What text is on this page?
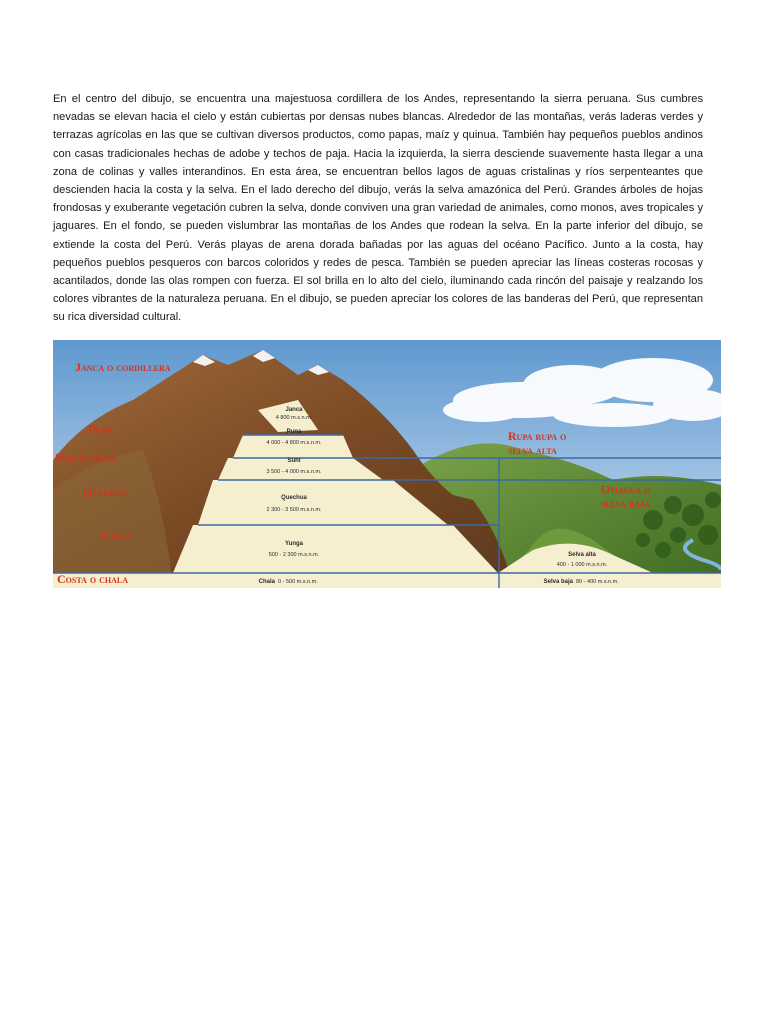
En el centro del dibujo, se encuentra una majestuosa cordillera de los Andes, representando la sierra peruana. Sus cumbres nevadas se elevan hacia el cielo y están cubiertas por densas nubes blancas. Alrededor de las montañas, verás laderas verdes y terrazas agrícolas en las que se cultivan diversos productos, como papas, maíz y quinua. También hay pequeños pueblos andinos con casas tradicionales hechas de adobe y techos de paja. Hacia la izquierda, la sierra desciende suavemente hasta llegar a una zona de colinas y valles interandinos. En esta área, se encuentran bellos lagos de aguas cristalinas y ríos serpenteantes que descienden hacia la costa y la selva. En el lado derecho del dibujo, verás la selva amazónica del Perú. Grandes árboles de hojas frondosas y exuberante vegetación cubren la selva, donde conviven una gran variedad de animales, como monos, aves tropicales y jaguares. En el fondo, se pueden vislumbrar las montañas de los Andes que rodean la selva. En la parte inferior del dibujo, se extiende la costa del Perú. Verás playas de arena dorada bañadas por las aguas del océano Pacífico. Junto a la costa, hay pequeños pueblos pesqueros con barcos coloridos y redes de pesca. También se pueden apreciar las líneas costeras rocosas y acantilados, donde las olas rompen con fuerza. El sol brilla en lo alto del cielo, iluminando cada rincón del paisaje y realzando los colores vibrantes de la naturaleza peruana. En el dibujo, se pueden apreciar los colores de las banderas del Perú, que representan su rica diversidad cultural.

Janca o cordillera
Puna
Suni o jalca
Quechua
Yunga
Costa o chala
Rupa rupa o
selva alta
Omagua o
selva baja
Janca
4 800 m.s.n.m.
Puna
4 000 - 4 800 m.s.n.m.
Suni
3 500 - 4 000 m.s.n.m.
Quechua
2 300 - 3 500 m.s.n.m.
Yunga
500 - 2 300 m.s.n.m.
Chala 0 - 500 m.s.n.m.
Selva alta
400 - 1 000 m.s.n.m.
Selva baja 80 - 400 m.s.n.m.
